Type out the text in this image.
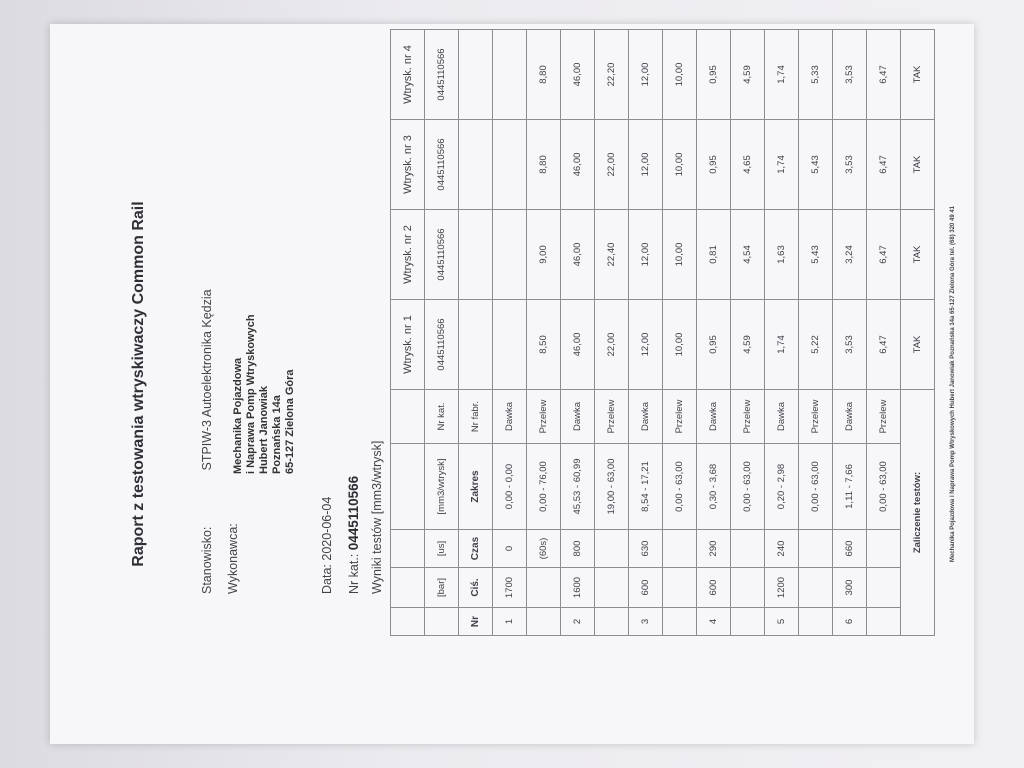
Raport z testowania wtryskiwaczy Common Rail	Stanowisko: STPIW-3 Autoelektronika Kędzia
Wykonawca:
Mechanika Pojazdowa i Naprawa Pomp Wtryskowych Hubert Janowiak Poznańska 14a 65-127 Zielona Góra
Data: 2020-06-04
Nr kat.: 0445110566 Wyniki testów [mm3/wtrysk]
					Wtrysk. nr 1	Wtrysk. nr 2	Wtrysk. nr 3	Wtrysk. nr 4
	[bar]	[us]	[mm3/wtrysk]	Nr kat.	0445110566	0445110566	0445110566	0445110566
Nr	Ciś.	Czas	Zakres	Nr fabr.				
1	1700	0	0,00 - 0,00	Dawka				
		(60s)	0,00 - 76,00	Przelew	8,50	9,00	8,80	8,80
2	1600	800	45,53 - 60,99	Dawka	46,00	46,00	46,00	46,00
			19,00 - 63,00	Przelew	22,00	22,40	22,00	22,20
3	600	630	8,54 - 17,21	Dawka	12,00	12,00	12,00	12,00
			0,00 - 63,00	Przelew	10,00	10,00	10,00	10,00
4	600	290	0,30 - 3,68	Dawka	0,95	0,81	0,95	0,95
			0,00 - 63,00	Przelew	4,59	4,54	4,65	4,59
5	1200	240	0,20 - 2,98	Dawka	1,74	1,63	1,74	1,74
			0,00 - 63,00	Przelew	5,22	5,43	5,43	5,33
6	300	660	1,11 - 7,66	Dawka	3,53	3,24	3,53	3,53
			0,00 - 63,00	Przelew	6,47	6,47	6,47	6,47
Zaliczenie testów:					TAK	TAK	TAK	TAK
Mechanika Pojazdowa i Naprawa Pomp Wtryskowych Hubert Janowiak Poznańska 14a 65-127 Zielona Góra tel. (68) 320 49 41
